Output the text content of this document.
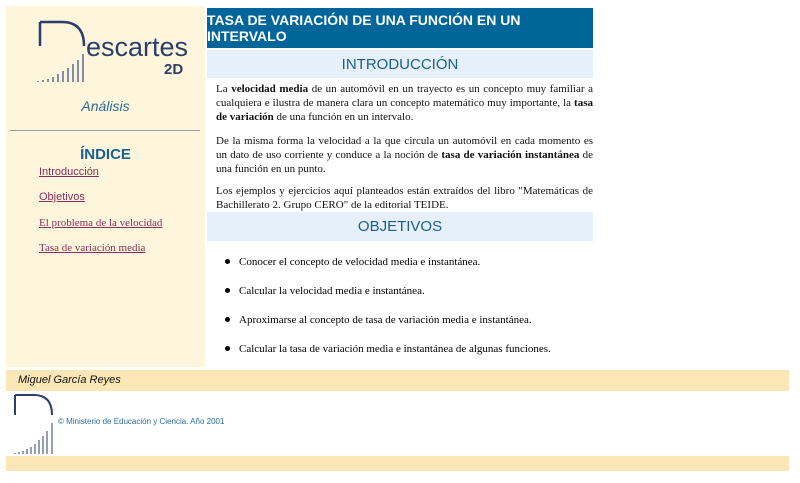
escartes
2D
Análisis
ÍNDICE
Introducción
Objetivos
El problema de la velocidad
Tasa de variación media
TASA DE VARIACIÓN DE UNA FUNCIÓN EN UN INTERVALO
INTRODUCCIÓN
La velocidad media de un automóvil en un trayecto es un concepto muy familiar a cualquiera e ilustra de manera clara un concepto matemático muy importante, la tasa de variación de una función en un intervalo.
De la misma forma la velocidad a la que circula un automóvil en cada momento es un dato de uso corriente y conduce a la noción de tasa de variación instantánea de una función en un punto.
Los ejemplos y ejercicios aquí planteados están extraídos del libro "Matemáticas de Bachillerato 2. Grupo CERO" de la editorial TEIDE.
OBJETIVOS
Conocer el concepto de velocidad media e instantánea.
Calcular la velocidad media e instantánea.
Aproximarse al concepto de tasa de variación media e instantánea.
Calcular la tasa de variación media e instantánea de algunas funciones.
Miguel García Reyes
© Ministerio de Educación y Ciencia. Año 2001
